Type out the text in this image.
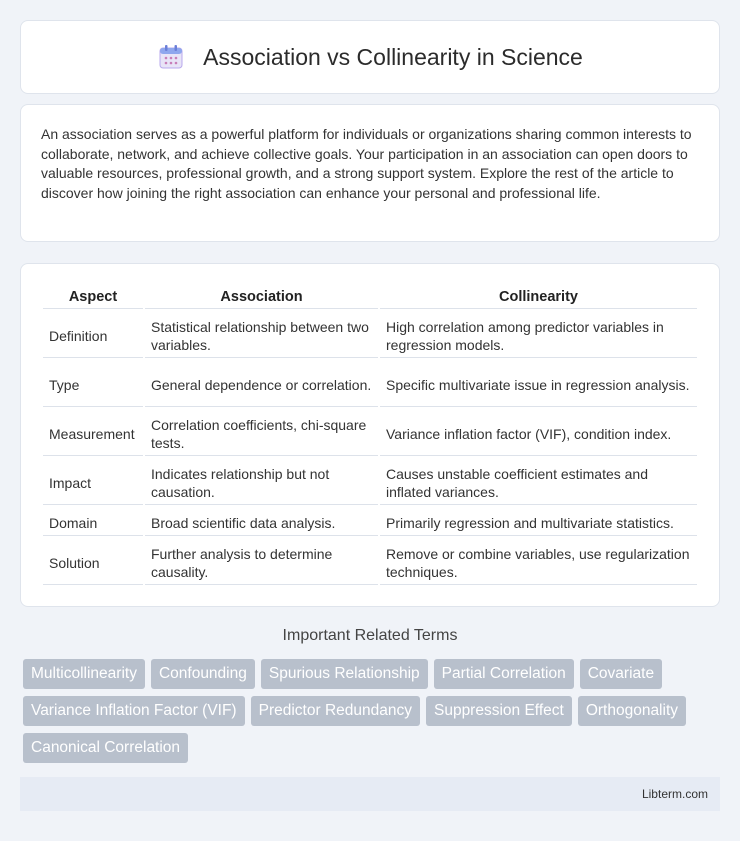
Association vs Collinearity in Science

An association serves as a powerful platform for individuals or organizations sharing common interests to collaborate, network, and achieve collective goals. Your participation in an association can open doors to valuable resources, professional growth, and a strong support system. Explore the rest of the article to discover how joining the right association can enhance your personal and professional life.

Aspect	Association	Collinearity
Definition	Statistical relationship between two variables.	High correlation among predictor variables in regression models.
Type	General dependence or correlation.	Specific multivariate issue in regression analysis.
Measurement	Correlation coefficients, chi-square tests.	Variance inflation factor (VIF), condition index.
Impact	Indicates relationship but not causation.	Causes unstable coefficient estimates and inflated variances.
Domain	Broad scientific data analysis.	Primarily regression and multivariate statistics.
Solution	Further analysis to determine causality.	Remove or combine variables, use regularization techniques.
Important Related Terms
Multicollinearity	Confounding	Spurious Relationship	Partial Correlation	Covariate
Variance Inflation Factor (VIF)	Predictor Redundancy	Suppression Effect	Orthogonality
Canonical Correlation
Libterm.com
